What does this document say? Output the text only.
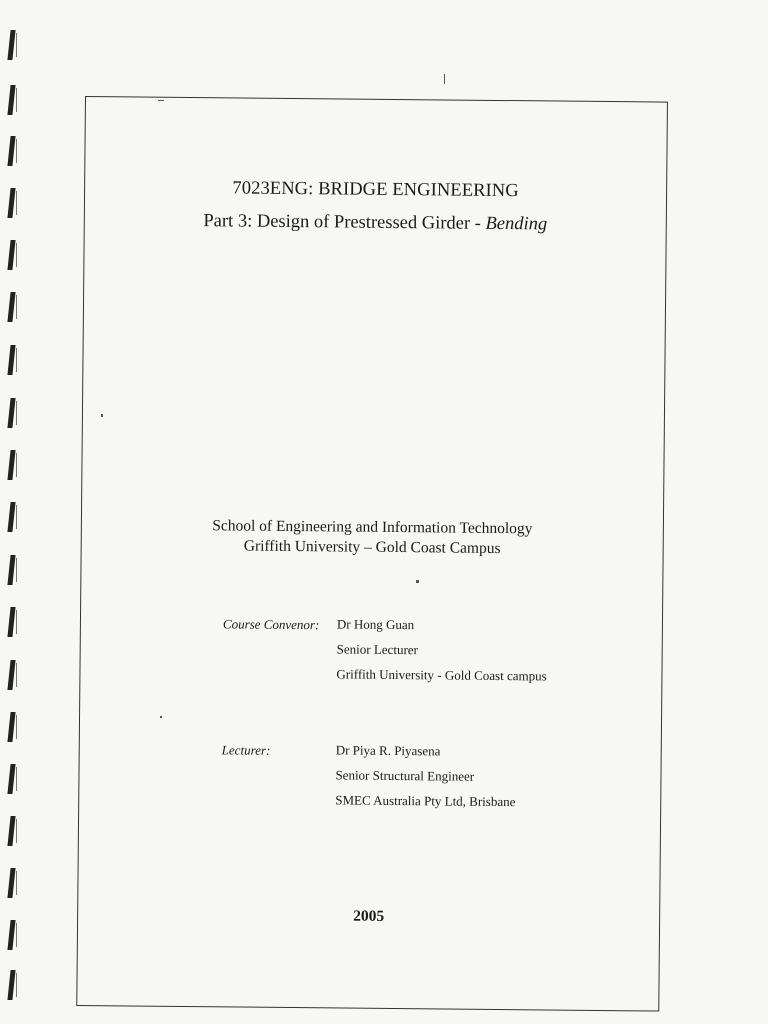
7023ENG: BRIDGE ENGINEERING
Part 3: Design of Prestressed Girder - Bending
School of Engineering and Information Technology
Griffith University – Gold Coast Campus
Course Convenor: Dr Hong Guan
Senior Lecturer
Griffith University - Gold Coast campus
Lecturer:	Dr Piya R. Piyasena
Senior Structural Engineer
SMEC Australia Pty Ltd, Brisbane
2005
